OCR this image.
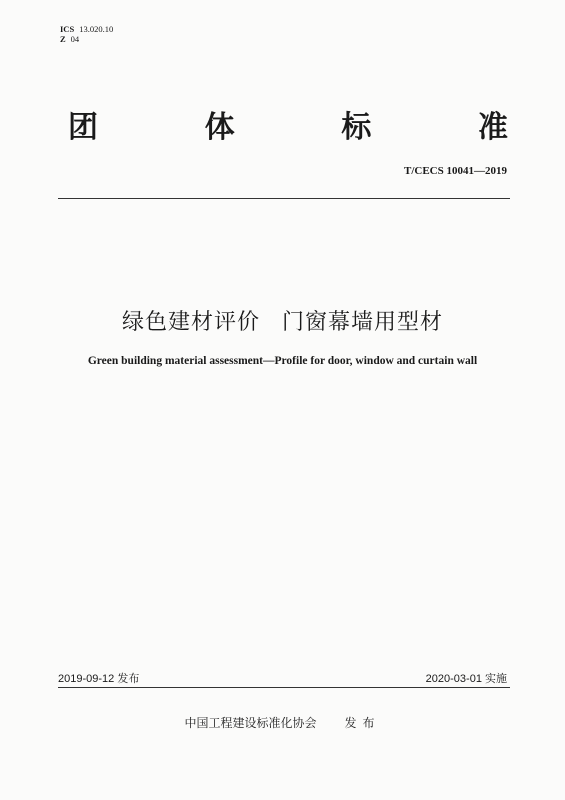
ICS 13.020.10
Z 04
团	体	标	准
T/CECS 10041—2019
绿色建材评价 门窗幕墙用型材
Green building material assessment—Profile for door, window and curtain wall
2019-09-12 发布	2020-03-01 实施
中国工程建设标准化协会 发布
